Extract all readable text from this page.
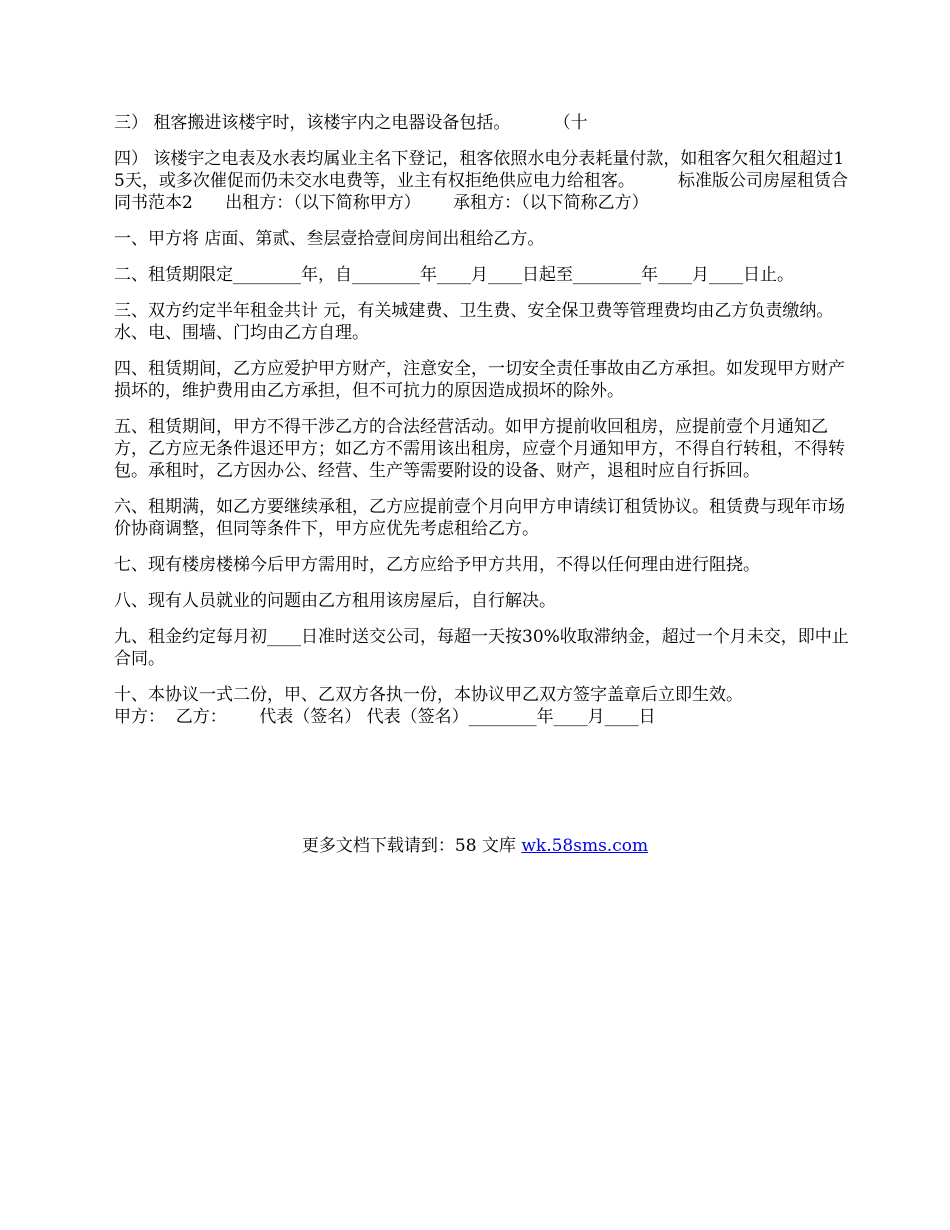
三） 租客搬进该楼宇时，该楼宇内之电器设备包括。        （十

四） 该楼宇之电表及水表均属业主名下登记，租客依照水电分表耗量付款，如租客欠租欠租超过15天，或多次催促而仍未交水电费等，业主有权拒绝供应电力给租客。        标准版公司房屋租赁合同书范本2      出租方：（以下简称甲方）      承租方：（以下简称乙方）

一、甲方将 店面、第贰、叁层壹拾壹间房间出租给乙方。

二、租赁期限定________年，自________年____月____日起至________年____月____日止。

三、双方约定半年租金共计 元，有关城建费、卫生费、安全保卫费等管理费均由乙方负责缴纳。水、电、围墙、门均由乙方自理。

四、租赁期间，乙方应爱护甲方财产，注意安全，一切安全责任事故由乙方承担。如发现甲方财产损坏的，维护费用由乙方承担，但不可抗力的原因造成损坏的除外。

五、租赁期间，甲方不得干涉乙方的合法经营活动。如甲方提前收回租房，应提前壹个月通知乙方，乙方应无条件退还甲方；如乙方不需用该出租房，应壹个月通知甲方，不得自行转租，不得转包。承租时，乙方因办公、经营、生产等需要附设的设备、财产，退租时应自行拆回。

六、租期满，如乙方要继续承租，乙方应提前壹个月向甲方申请续订租赁协议。租赁费与现年市场价协商调整，但同等条件下，甲方应优先考虑租给乙方。

七、现有楼房楼梯今后甲方需用时，乙方应给予甲方共用，不得以任何理由进行阻挠。

八、现有人员就业的问题由乙方租用该房屋后，自行解决。

九、租金约定每月初____日准时送交公司，每超一天按30%收取滞纳金，超过一个月未交，即中止合同。

十、本协议一式二份，甲、乙双方各执一份，本协议甲乙双方签字盖章后立即生效。

甲方：  乙方：      代表（签名） 代表（签名）________年____月____日

更多文档下载请到：58 文库 wk.58sms.com
